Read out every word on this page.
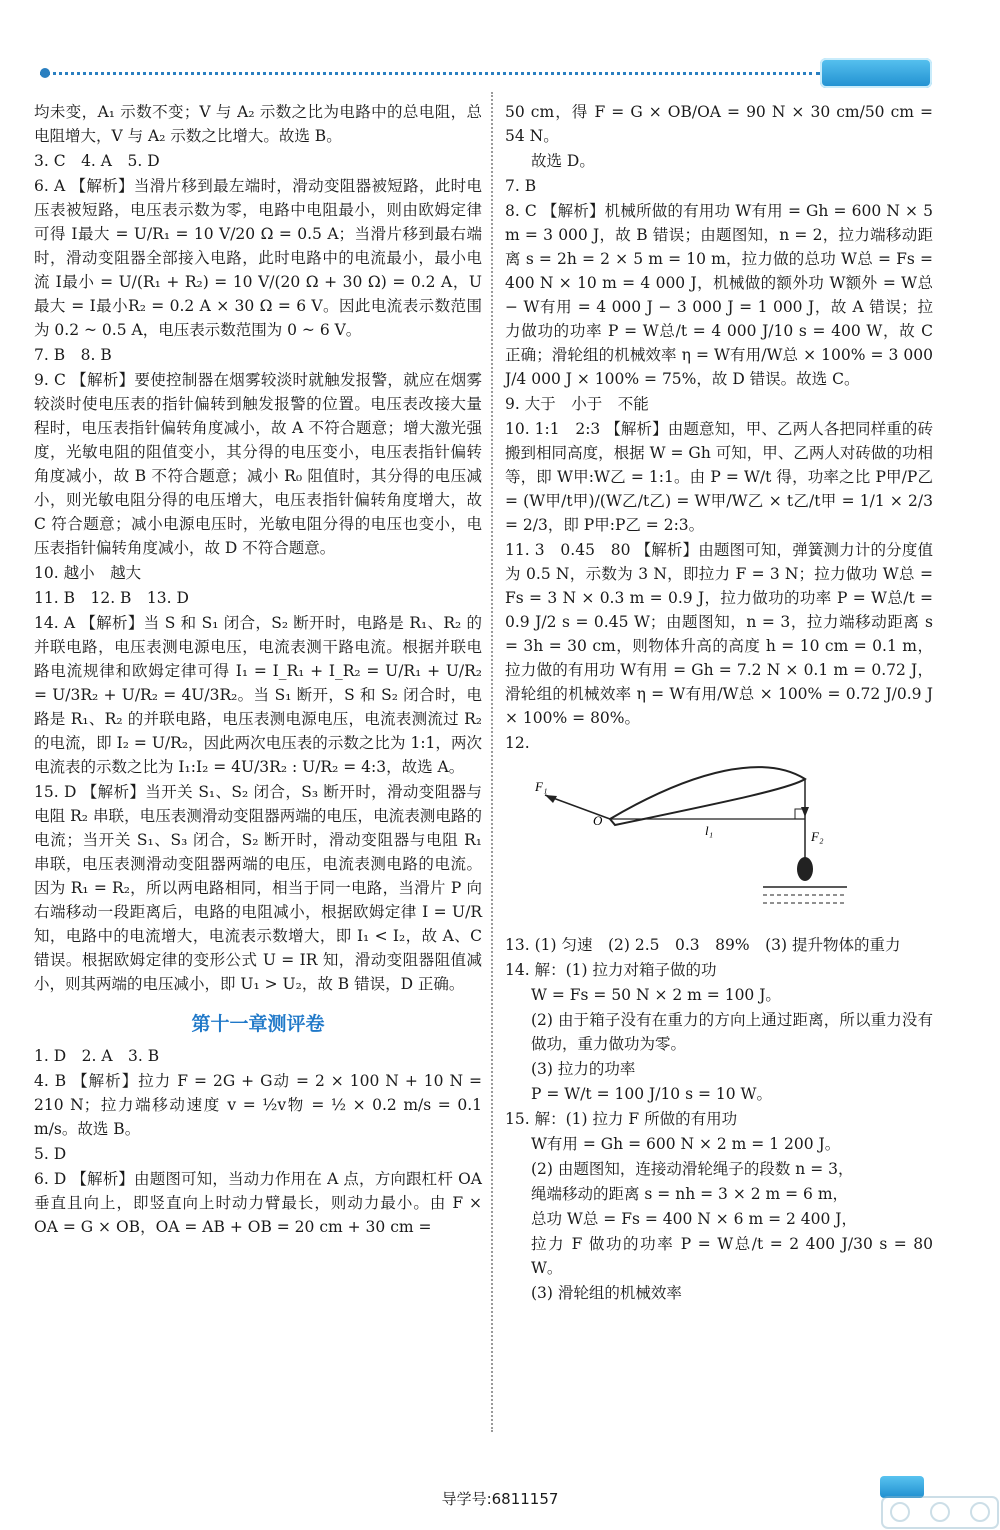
均未变，A₁ 示数不变；V 与 A₂ 示数之比为电路中的总电阻，总电阻增大，V 与 A₂ 示数之比增大。故选 B。

3. C　4. A　5. D

6. A 【解析】当滑片移到最左端时，滑动变阻器被短路，此时电压表被短路，电压表示数为零，电路中电阻最小，则由欧姆定律可得 I最大 = U/R₁ = 10 V/20 Ω = 0.5 A；当滑片移到最右端时，滑动变阻器全部接入电路，此时电路中的电流最小，最小电流 I最小 = U/(R₁ + R₂) = 10 V/(20 Ω + 30 Ω) = 0.2 A，U最大 = I最小R₂ = 0.2 A × 30 Ω = 6 V。因此电流表示数范围为 0.2 ~ 0.5 A，电压表示数范围为 0 ~ 6 V。

7. B　8. B

9. C 【解析】要使控制器在烟雾较淡时就触发报警，就应在烟雾较淡时使电压表的指针偏转到触发报警的位置。电压表改接大量程时，电压表指针偏转角度减小，故 A 不符合题意；增大激光强度，光敏电阻的阻值变小，其分得的电压变小，电压表指针偏转角度减小，故 B 不符合题意；减小 R₀ 阻值时，其分得的电压减小，则光敏电阻分得的电压增大，电压表指针偏转角度增大，故 C 符合题意；减小电源电压时，光敏电阻分得的电压也变小，电压表指针偏转角度减小，故 D 不符合题意。

10. 越小　越大

11. B　12. B　13. D

14. A 【解析】当 S 和 S₁ 闭合，S₂ 断开时，电路是 R₁、R₂ 的并联电路，电压表测电源电压，电流表测干路电流。根据并联电路电流规律和欧姆定律可得 I₁ = I_R₁ + I_R₂ = U/R₁ + U/R₂ = U/3R₂ + U/R₂ = 4U/3R₂。当 S₁ 断开，S 和 S₂ 闭合时，电路是 R₁、R₂ 的并联电路，电压表测电源电压，电流表测流过 R₂ 的电流，即 I₂ = U/R₂，因此两次电压表的示数之比为 1:1，两次电流表的示数之比为 I₁:I₂ = 4U/3R₂ : U/R₂ = 4:3，故选 A。

15. D 【解析】当开关 S₁、S₂ 闭合，S₃ 断开时，滑动变阻器与电阻 R₂ 串联，电压表测滑动变阻器两端的电压，电流表测电路的电流；当开关 S₁、S₃ 闭合，S₂ 断开时，滑动变阻器与电阻 R₁ 串联，电压表测滑动变阻器两端的电压，电流表测电路的电流。因为 R₁ = R₂，所以两电路相同，相当于同一电路，当滑片 P 向右端移动一段距离后，电路的电阻减小，根据欧姆定律 I = U/R 知，电路中的电流增大，电流表示数增大，即 I₁ < I₂，故 A、C 错误。根据欧姆定律的变形公式 U = IR 知，滑动变阻器阻值减小，则其两端的电压减小，即 U₁ > U₂，故 B 错误，D 正确。

第十一章测评卷

1. D　2. A　3. B

4. B 【解析】拉力 F = 2G + G动 = 2 × 100 N + 10 N = 210 N；拉力端移动速度 v = ½v物 = ½ × 0.2 m/s = 0.1 m/s。故选 B。

5. D

6. D 【解析】由题图可知，当动力作用在 A 点，方向跟杠杆 OA 垂直且向上，即竖直向上时动力臂最长，则动力最小。由 F × OA = G × OB，OA = AB + OB = 20 cm + 30 cm =

50 cm，得 F = G × OB/OA = 90 N × 30 cm/50 cm = 54 N。

故选 D。

7. B

8. C 【解析】机械所做的有用功 W有用 = Gh = 600 N × 5 m = 3 000 J，故 B 错误；由题图知，n = 2，拉力端移动距离 s = 2h = 2 × 5 m = 10 m，拉力做的总功 W总 = Fs = 400 N × 10 m = 4 000 J，机械做的额外功 W额外 = W总 − W有用 = 4 000 J − 3 000 J = 1 000 J，故 A 错误；拉力做功的功率 P = W总/t = 4 000 J/10 s = 400 W，故 C 正确；滑轮组的机械效率 η = W有用/W总 × 100% = 3 000 J/4 000 J × 100% = 75%，故 D 错误。故选 C。

9. 大于　小于　不能

10. 1:1　2:3 【解析】由题意知，甲、乙两人各把同样重的砖搬到相同高度，根据 W = Gh 可知，甲、乙两人对砖做的功相等，即 W甲:W乙 = 1:1。由 P = W/t 得，功率之比 P甲/P乙 = (W甲/t甲)/(W乙/t乙) = W甲/W乙 × t乙/t甲 = 1/1 × 2/3 = 2/3，即 P甲:P乙 = 2:3。

11. 3　0.45　80 【解析】由题图可知，弹簧测力计的分度值为 0.5 N，示数为 3 N，即拉力 F = 3 N；拉力做功 W总 = Fs = 3 N × 0.3 m = 0.9 J，拉力做功的功率 P = W总/t = 0.9 J/2 s = 0.45 W；由题图知，n = 3，拉力端移动距离 s = 3h = 30 cm，则物体升高的高度 h = 10 cm = 0.1 m，拉力做的有用功 W有用 = Gh = 7.2 N × 0.1 m = 0.72 J，滑轮组的机械效率 η = W有用/W总 × 100% = 0.72 J/0.9 J × 100% = 80%。

12.

F₁
F₂
O
l₁

13. (1) 匀速　(2) 2.5　0.3　89%　(3) 提升物体的重力

14. 解：(1) 拉力对箱子做的功

W = Fs = 50 N × 2 m = 100 J。

(2) 由于箱子没有在重力的方向上通过距离，所以重力没有做功，重力做功为零。

(3) 拉力的功率

P = W/t = 100 J/10 s = 10 W。

15. 解：(1) 拉力 F 所做的有用功

W有用 = Gh = 600 N × 2 m = 1 200 J。

(2) 由题图知，连接动滑轮绳子的段数 n = 3，

绳端移动的距离 s = nh = 3 × 2 m = 6 m，

总功 W总 = Fs = 400 N × 6 m = 2 400 J，

拉力 F 做功的功率 P = W总/t = 2 400 J/30 s = 80 W。

(3) 滑轮组的机械效率

导学号:6811157
